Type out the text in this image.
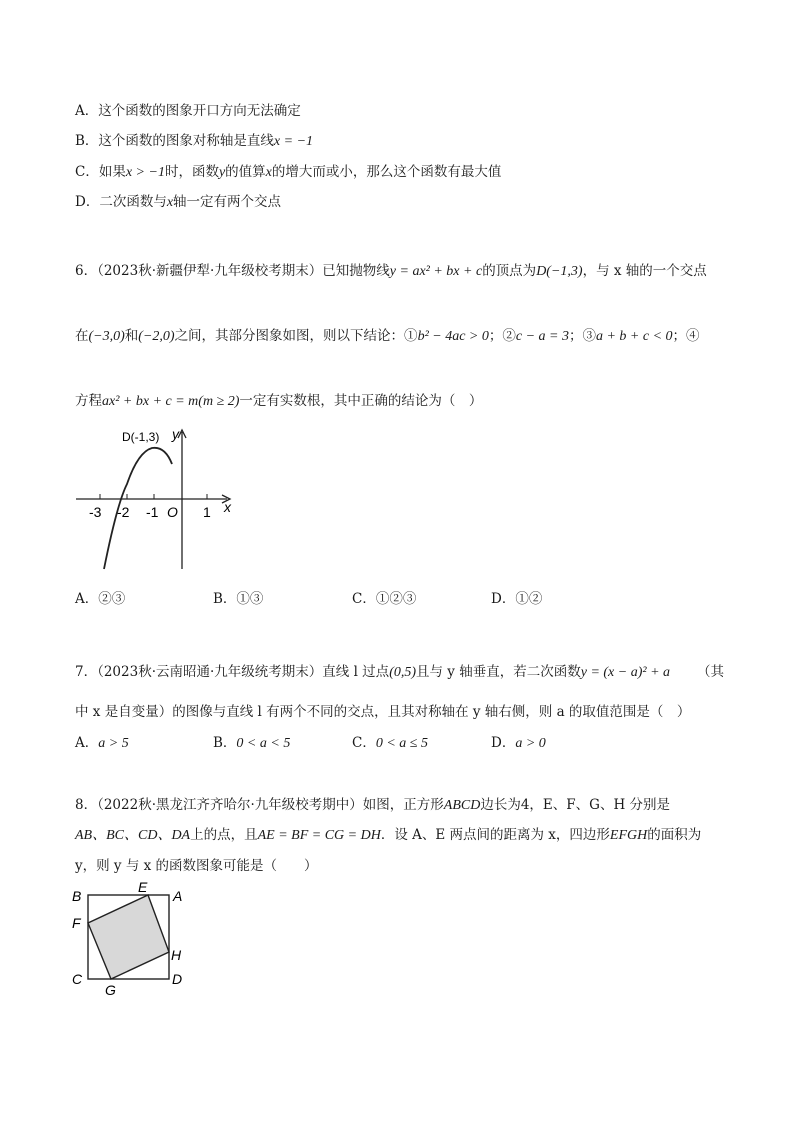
A．这个函数的图象开口方向无法确定
B．这个函数的图象对称轴是直线x = −1
C．如果x > −1时，函数y的值算x的增大而或小，那么这个函数有最大值
D．二次函数与x轴一定有两个交点
6．（2023秋·新疆伊犁·九年级校考期末）已知抛物线y = ax² + bx + c的顶点为D(−1,3)，与 x 轴的一个交点
在(−3,0)和(−2,0)之间，其部分图象如图，则以下结论：①b² − 4ac > 0；②c − a = 3；③a + b + c < 0；④
方程ax² + bx + c = m(m ≥ 2)一定有实数根，其中正确的结论为（　）
D(-1,3) y
x
-3 -2 -1 O 1
A．②③	B．①③	C．①②③	D．①②
7．（2023秋·云南昭通·九年级统考期末）直线 l 过点(0,5)且与 y 轴垂直，若二次函数y = (x − a)² + a （其
中 x 是自变量）的图像与直线 l 有两个不同的交点，且其对称轴在 y 轴右侧，则 a 的取值范围是（　）
A．a > 5	B．0 < a < 5	C．0 < a ≤ 5	D．a > 0
8．（2022秋·黑龙江齐齐哈尔·九年级校考期中）如图，正方形ABCD边长为4，E、F、G、H 分别是
AB、BC、CD、DA上的点，且AE = BF = CG = DH．设 A、E 两点间的距离为 x，四边形EFGH的面积为
y，则 y 与 x 的函数图象可能是（　　）
B
E
A
F
H
C
G
D
